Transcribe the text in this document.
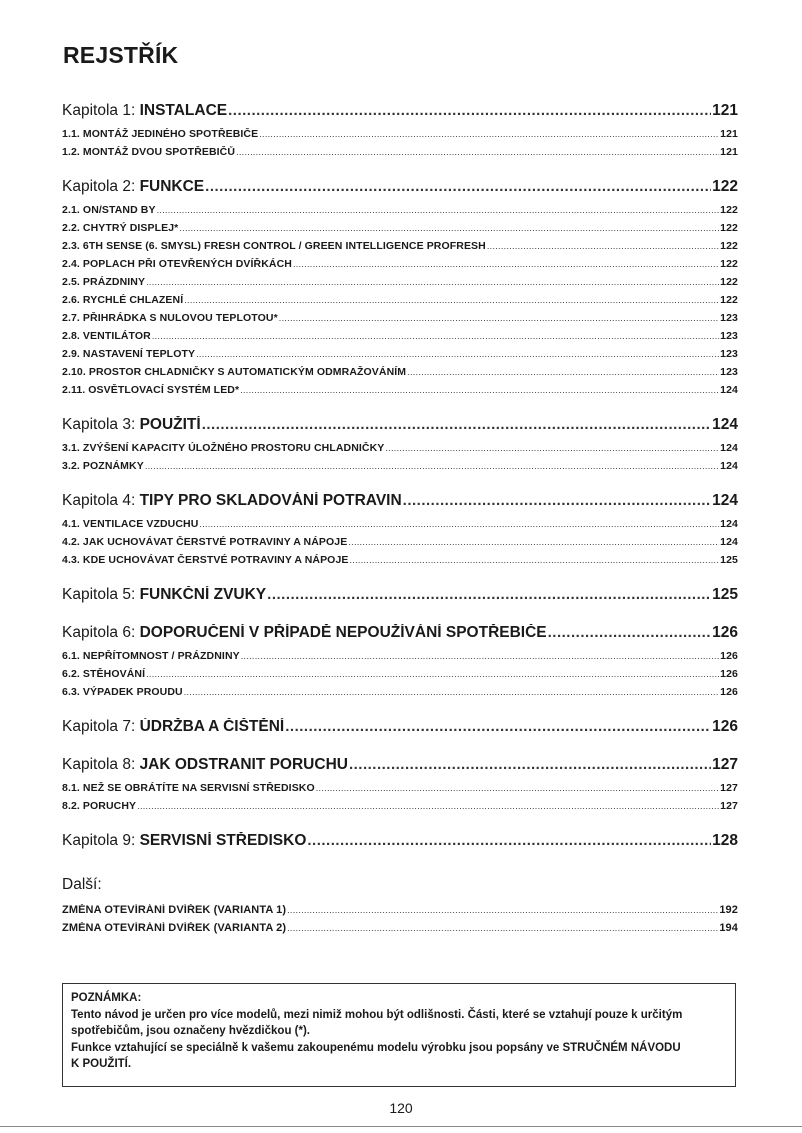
REJSTŘÍK
Kapitola 1: INSTALACE .....	121
1.1. MONTÁŽ JEDINÉHO SPOTŘEBIČE .....	121
1.2. MONTÁŽ DVOU SPOTŘEBIČŮ .....	121
Kapitola 2: FUNKCE .....	122
2.1. ON/STAND BY .....	122
2.2. CHYTRÝ DISPLEJ* .....	122
2.3. 6TH SENSE (6. SMYSL) FRESH CONTROL / GREEN INTELLIGENCE PROFRESH .....	122
2.4. POPLACH PŘI OTEVŘENÝCH DVÍŘKÁCH .....	122
2.5. PRÁZDNINY .....	122
2.6. RYCHLÉ CHLAZENÍ .....	122
2.7. PŘIHRÁDKA S NULOVOU TEPLOTOU* .....	123
2.8. VENTILÁTOR .....	123
2.9. NASTAVENÍ TEPLOTY .....	123
2.10. PROSTOR CHLADNIČKY S AUTOMATICKÝM ODMRAŽOVÁNÍM .....	123
2.11. OSVĚTLOVACÍ SYSTÉM LED* .....	124
Kapitola 3: POUŽITÍ .....	124
3.1. ZVÝŠENÍ KAPACITY ÚLOŽNÉHO PROSTORU CHLADNIČKY .....	124
3.2. POZNÁMKY .....	124
Kapitola 4: TIPY PRO SKLADOVÁNÍ POTRAVIN .....	124
4.1. VENTILACE VZDUCHU .....	124
4.2. JAK UCHOVÁVAT ČERSTVÉ POTRAVINY A NÁPOJE .....	124
4.3. KDE UCHOVÁVAT ČERSTVÉ POTRAVINY A NÁPOJE .....	125
Kapitola 5: FUNKČNÍ ZVUKY .....	125
Kapitola 6: DOPORUČENÍ V PŘÍPADĚ NEPOUŽÍVÁNÍ SPOTŘEBIČE .....	126
6.1. NEPŘÍTOMNOST / PRÁZDNINY .....	126
6.2. STĚHOVÁNÍ .....	126
6.3. VÝPADEK PROUDU .....	126
Kapitola 7: ÚDRŽBA A ČIŠTĚNÍ .....	126
Kapitola 8: JAK ODSTRANIT PORUCHU .....	127
8.1. NEŽ SE OBRÁTÍTE NA SERVISNÍ STŘEDISKO .....	127
8.2. PORUCHY .....	127
Kapitola 9: SERVISNÍ STŘEDISKO .....	128
Další:
ZMĚNA OTEVÍRÁNÍ DVÍŘEK (VARIANTA 1) .....	192
ZMĚNA OTEVÍRÁNÍ DVÍŘEK (VARIANTA 2) .....	194
POZNÁMKA:
Tento návod je určen pro více modelů, mezi nimiž mohou být odlišnosti. Části, které se vztahují pouze k určitým
spotřebičům, jsou označeny hvězdičkou (*).
Funkce vztahující se speciálně k vašemu zakoupenému modelu výrobku jsou popsány ve STRUČNÉM NÁVODU
K POUŽITÍ.
120
